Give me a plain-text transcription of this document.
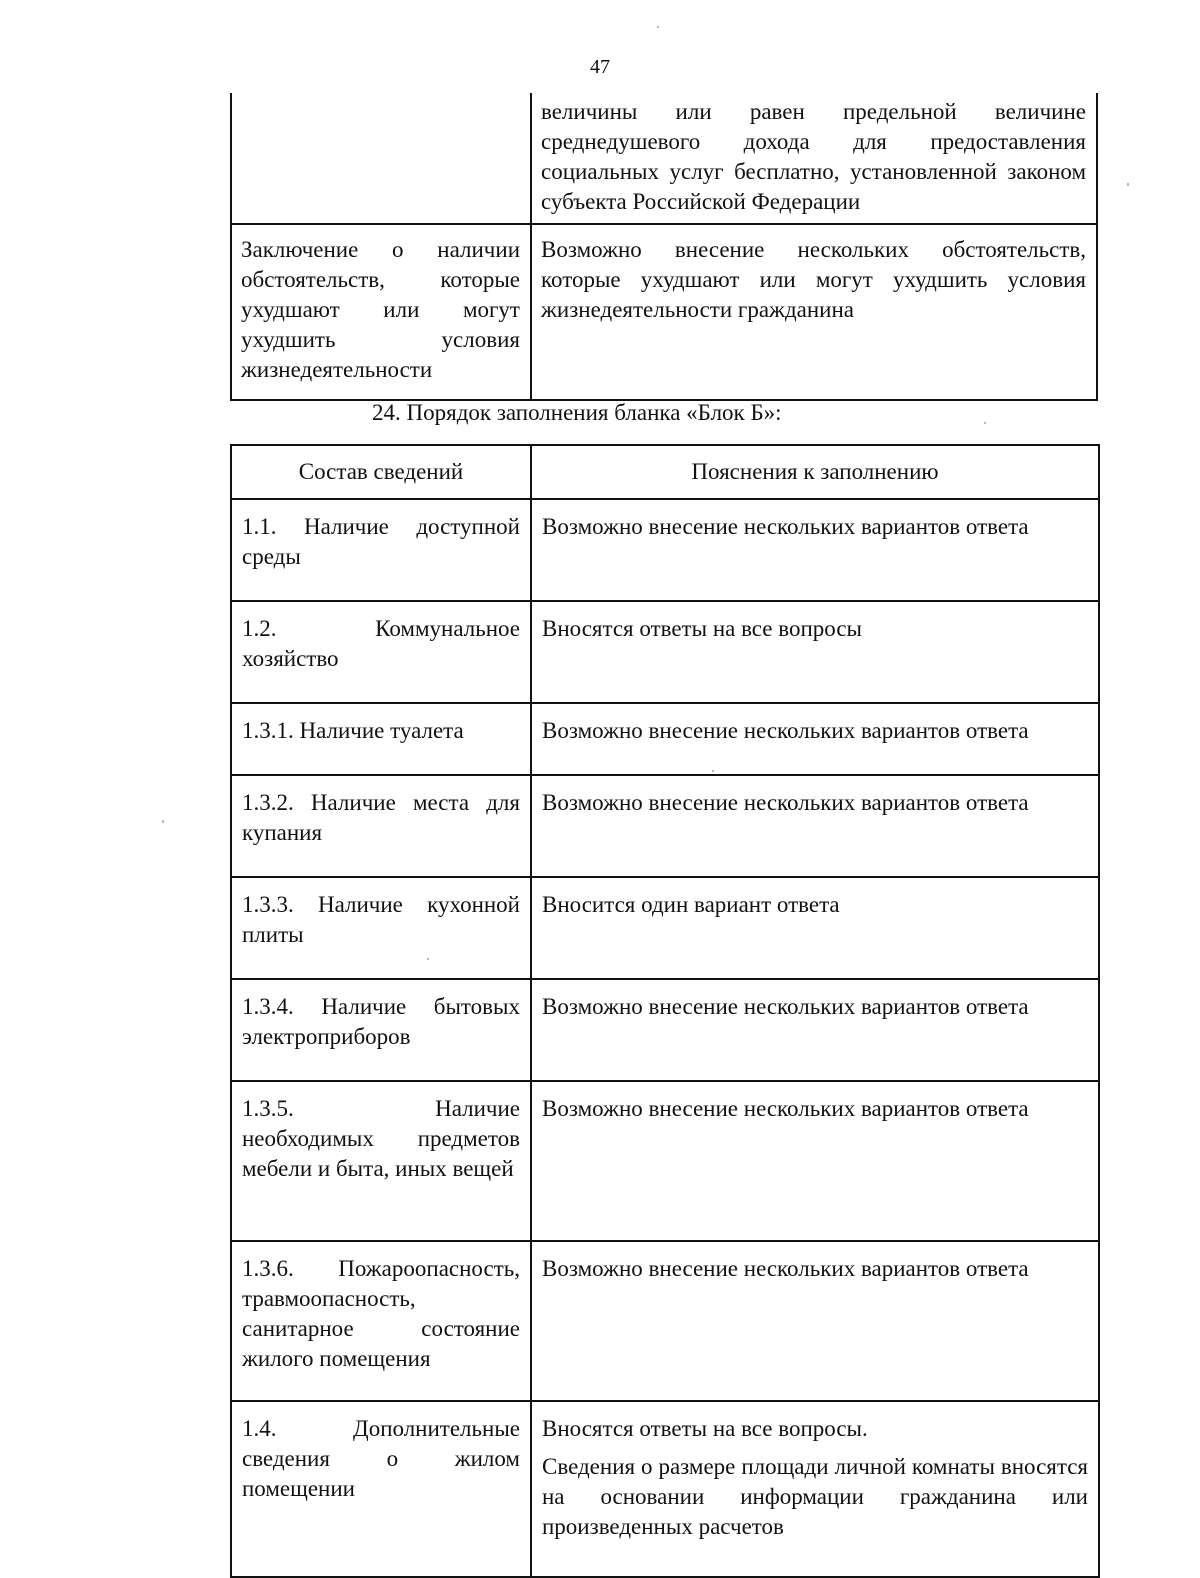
47
	величины или равен предельной величине среднедушевого дохода для предоставления социальных услуг бесплатно, установленной законом субъекта Российской Федерации
Заключение о наличии обстоятельств, которые ухудшают или могут ухудшить условия жизнедеятельности	Возможно внесение нескольких обстоятельств, которые ухудшают или могут ухудшить условия жизнедеятельности гражданина
24. Порядок заполнения бланка «Блок Б»:
Состав сведений	Пояснения к заполнению
1.1. Наличие доступной среды	Возможно внесение нескольких вариантов ответа

1.2. Коммунальное хозяйство	Вносятся ответы на все вопросы

1.3.1. Наличие туалета	Возможно внесение нескольких вариантов ответа

1.3.2. Наличие места для купания	Возможно внесение нескольких вариантов ответа

1.3.3. Наличие кухонной плиты	Вносится один вариант ответа

1.3.4. Наличие бытовых электроприборов	Возможно внесение нескольких вариантов ответа

1.3.5. Наличие необходимых предметов мебели и быта, иных вещей	Возможно внесение нескольких вариантов ответа

1.3.6. Пожароопасность, травмоопасность, санитарное состояние жилого помещения	Возможно внесение нескольких вариантов ответа

1.4. Дополнительные сведения о жилом помещении	Вносятся ответы на все вопросы.

Сведения о размере площади личной комнаты вносятся на основании информации гражданина или произведенных расчетов
